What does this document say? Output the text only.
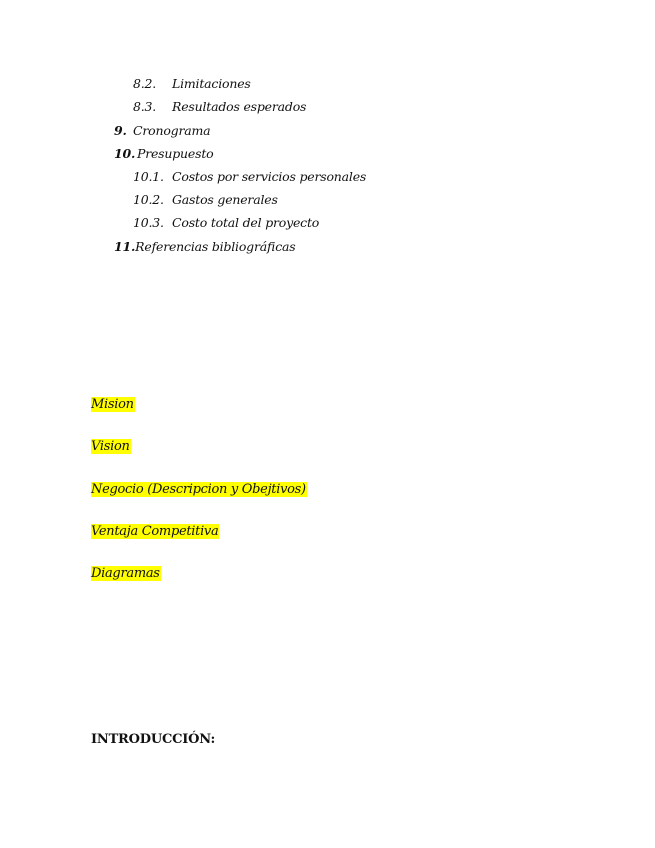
8.2. Limitaciones
8.3. Resultados esperados
9. Cronograma
10. Presupuesto
10.1. Costos por servicios personales
10.2. Gastos generales
10.3. Costo total del proyecto
11.Referencias bibliográficas
Mision
Vision
Negocio (Descripcion y Obejtivos)
Ventaja Competitiva
Diagramas
INTRODUCCIÓN:
